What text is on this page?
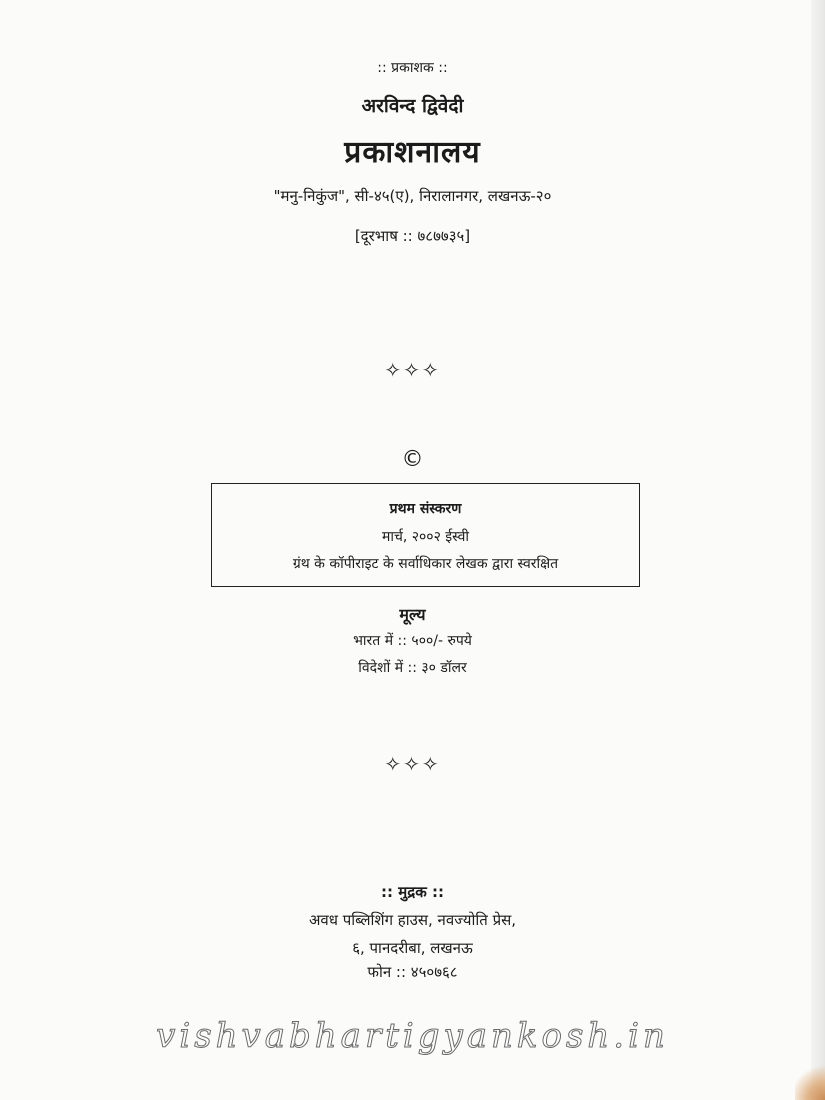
:: प्रकाशक ::
अरविन्द द्विवेदी
प्रकाशनालय
"मनु-निकुंज", सी-४५(ए), निरालानगर, लखनऊ-२०
[दूरभाष :: ७८७७३५]
✧✧✧
©
प्रथम संस्करण
मार्च, २००२ ईस्वी
ग्रंथ के कॉपीराइट के सर्वाधिकार लेखक द्वारा स्वरक्षित
मूल्य
भारत में :: ५००/- रुपये
विदेशों में :: ३० डॉलर
✧✧✧
:: मुद्रक ::
अवध पब्लिशिंग हाउस, नवज्योति प्रेस,
६, पानदरीबा, लखनऊ
फोन :: ४५०७६८
vishvabhartigyankosh.in
